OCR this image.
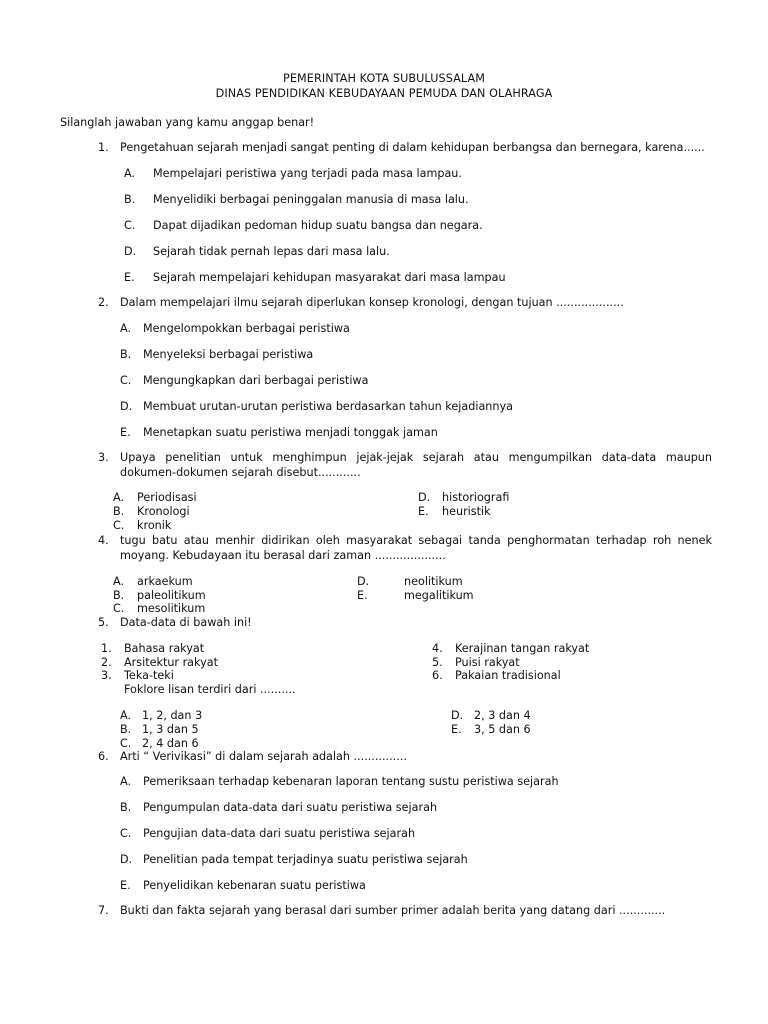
PEMERINTAH KOTA SUBULUSSALAM
DINAS PENDIDIKAN KEBUDAYAAN PEMUDA DAN OLAHRAGA
Silanglah jawaban yang kamu anggap benar!
1. Pengetahuan sejarah menjadi sangat penting di dalam kehidupan berbangsa dan bernegara, karena......
A. Mempelajari peristiwa yang terjadi pada masa lampau.
B. Menyelidiki berbagai peninggalan manusia di masa lalu.
C. Dapat dijadikan pedoman hidup suatu bangsa dan negara.
D. Sejarah tidak pernah lepas dari masa lalu.
E. Sejarah mempelajari kehidupan masyarakat dari masa lampau
2. Dalam mempelajari ilmu sejarah diperlukan konsep kronologi, dengan tujuan ...................
A. Mengelompokkan berbagai peristiwa
B. Menyeleksi berbagai peristiwa
C. Mengungkapkan dari berbagai peristiwa
D. Membuat urutan-urutan peristiwa berdasarkan tahun kejadiannya
E. Menetapkan suatu peristiwa menjadi tonggak jaman
3. Upaya penelitian untuk menghimpun jejak-jejak sejarah atau mengumpilkan data-data maupun
dokumen-dokumen sejarah disebut............
A. Periodisasi
B. Kronologi
C. kronik
D. historiografi
E. heuristik
4. tugu batu atau menhir didirikan oleh masyarakat sebagai tanda penghormatan terhadap roh nenek
moyang. Kebudayaan itu berasal dari zaman ....................
A. arkaekum
B. paleolitikum
C. mesolitikum
D.	neolitikum
E.	megalitikum
5. Data-data di bawah ini!
1. Bahasa rakyat
2. Arsitektur rakyat
3. Teka-teki
4. Kerajinan tangan rakyat
5. Puisi rakyat
6. Pakaian tradisional
Foklore lisan terdiri dari ..........
A. 1, 2, dan 3
B. 1, 3 dan 5
C. 2, 4 dan 6
D. 2, 3 dan 4
E. 3, 5 dan 6
6. Arti “ Verivikasi” di dalam sejarah adalah ...............
A. Pemeriksaan terhadap kebenaran laporan tentang sustu peristiwa sejarah
B. Pengumpulan data-data dari suatu peristiwa sejarah
C. Pengujian data-data dari suatu peristiwa sejarah
D. Penelitian pada tempat terjadinya suatu peristiwa sejarah
E. Penyelidikan kebenaran suatu peristiwa
7. Bukti dan fakta sejarah yang berasal dari sumber primer adalah berita yang datang dari .............
